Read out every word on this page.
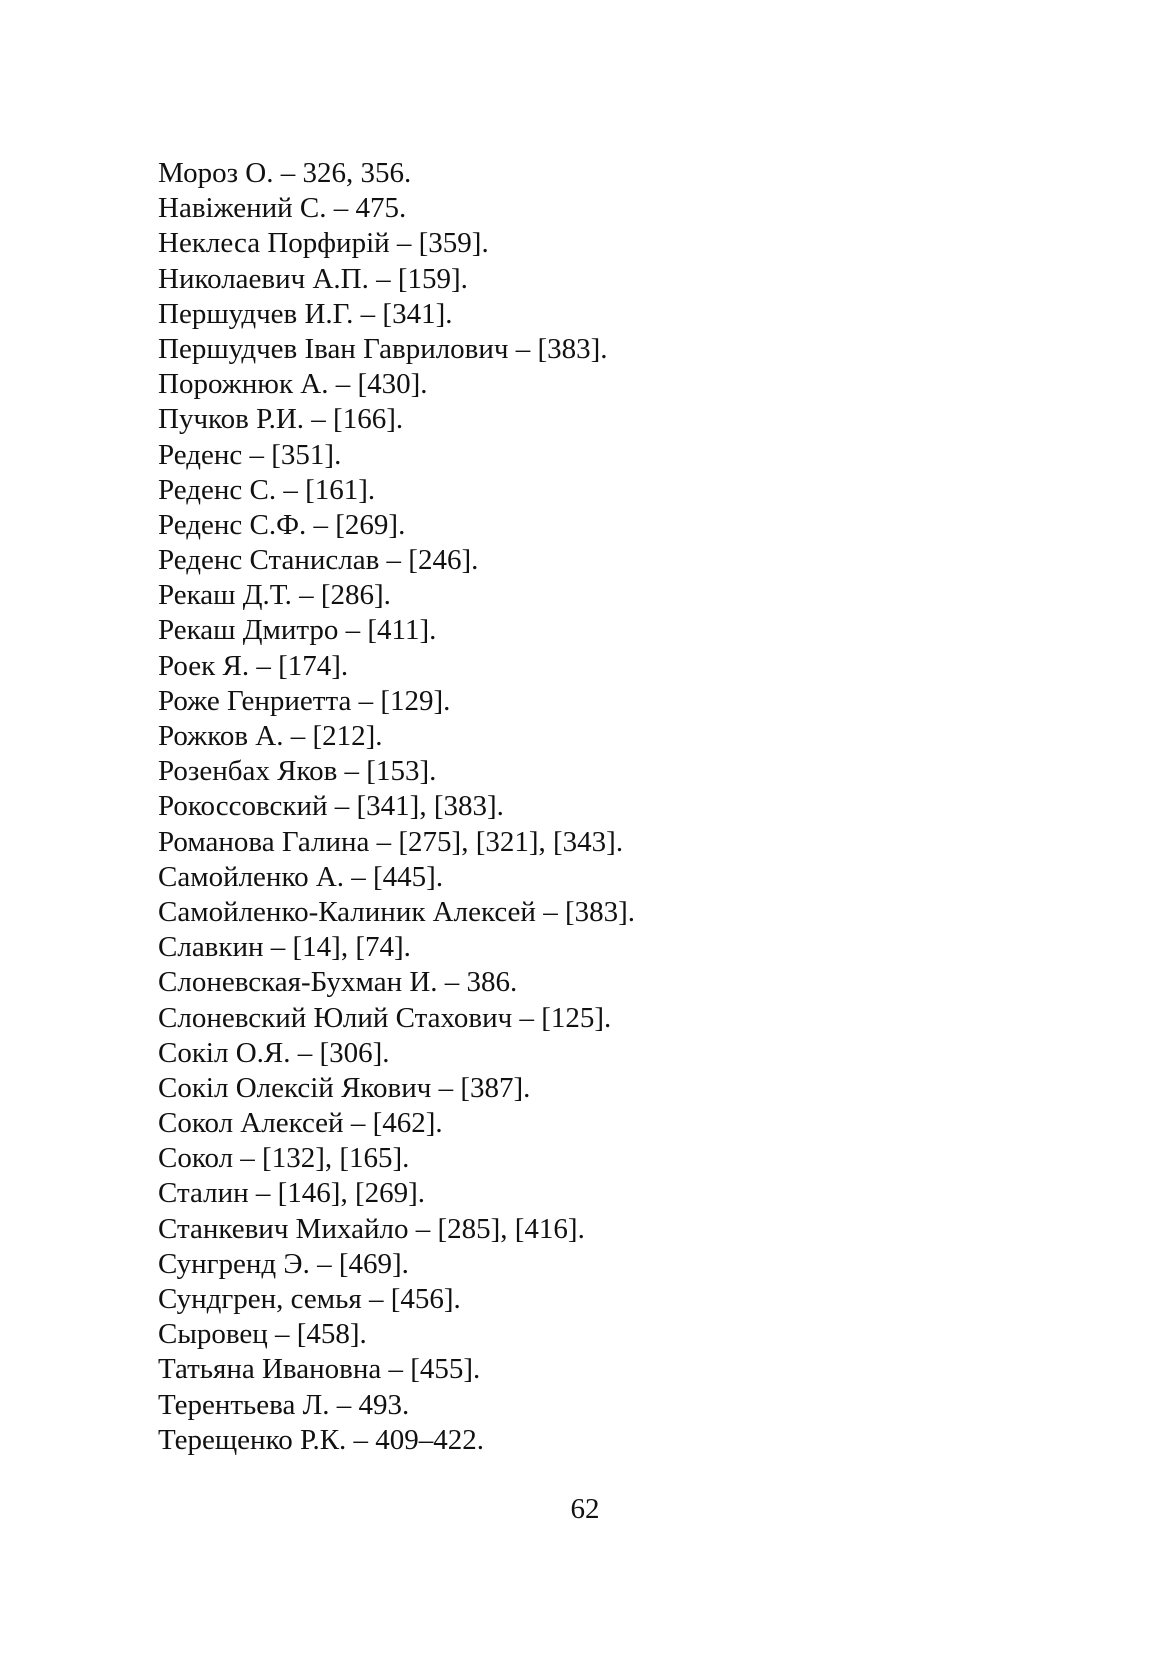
Мороз О. – 326, 356.
Навіжений С. – 475.
Неклеса Порфирій – [359].
Николаевич А.П. – [159].
Першудчев И.Г. – [341].
Першудчев Іван Гаврилович – [383].
Порожнюк А. – [430].
Пучков Р.И. – [166].
Реденс – [351].
Реденс С. – [161].
Реденс С.Ф. – [269].
Реденс Станислав – [246].
Рекаш Д.Т. – [286].
Рекаш Дмитро – [411].
Роек Я. – [174].
Роже Генриетта – [129].
Рожков А. – [212].
Розенбах Яков – [153].
Рокоссовский – [341], [383].
Романова Галина – [275], [321], [343].
Самойленко А. – [445].
Самойленко-Калиник Алексей – [383].
Славкин – [14], [74].
Слоневская-Бухман И. – 386.
Слоневский Юлий Стахович – [125].
Сокіл О.Я. – [306].
Сокіл Олексій Якович – [387].
Сокол Алексей – [462].
Сокол – [132], [165].
Сталин – [146], [269].
Станкевич Михайло – [285], [416].
Сунгренд Э. – [469].
Сундгрен, семья – [456].
Сыровец – [458].
Татьяна Ивановна – [455].
Терентьева Л. – 493.
Терещенко Р.К. – 409–422.
62
